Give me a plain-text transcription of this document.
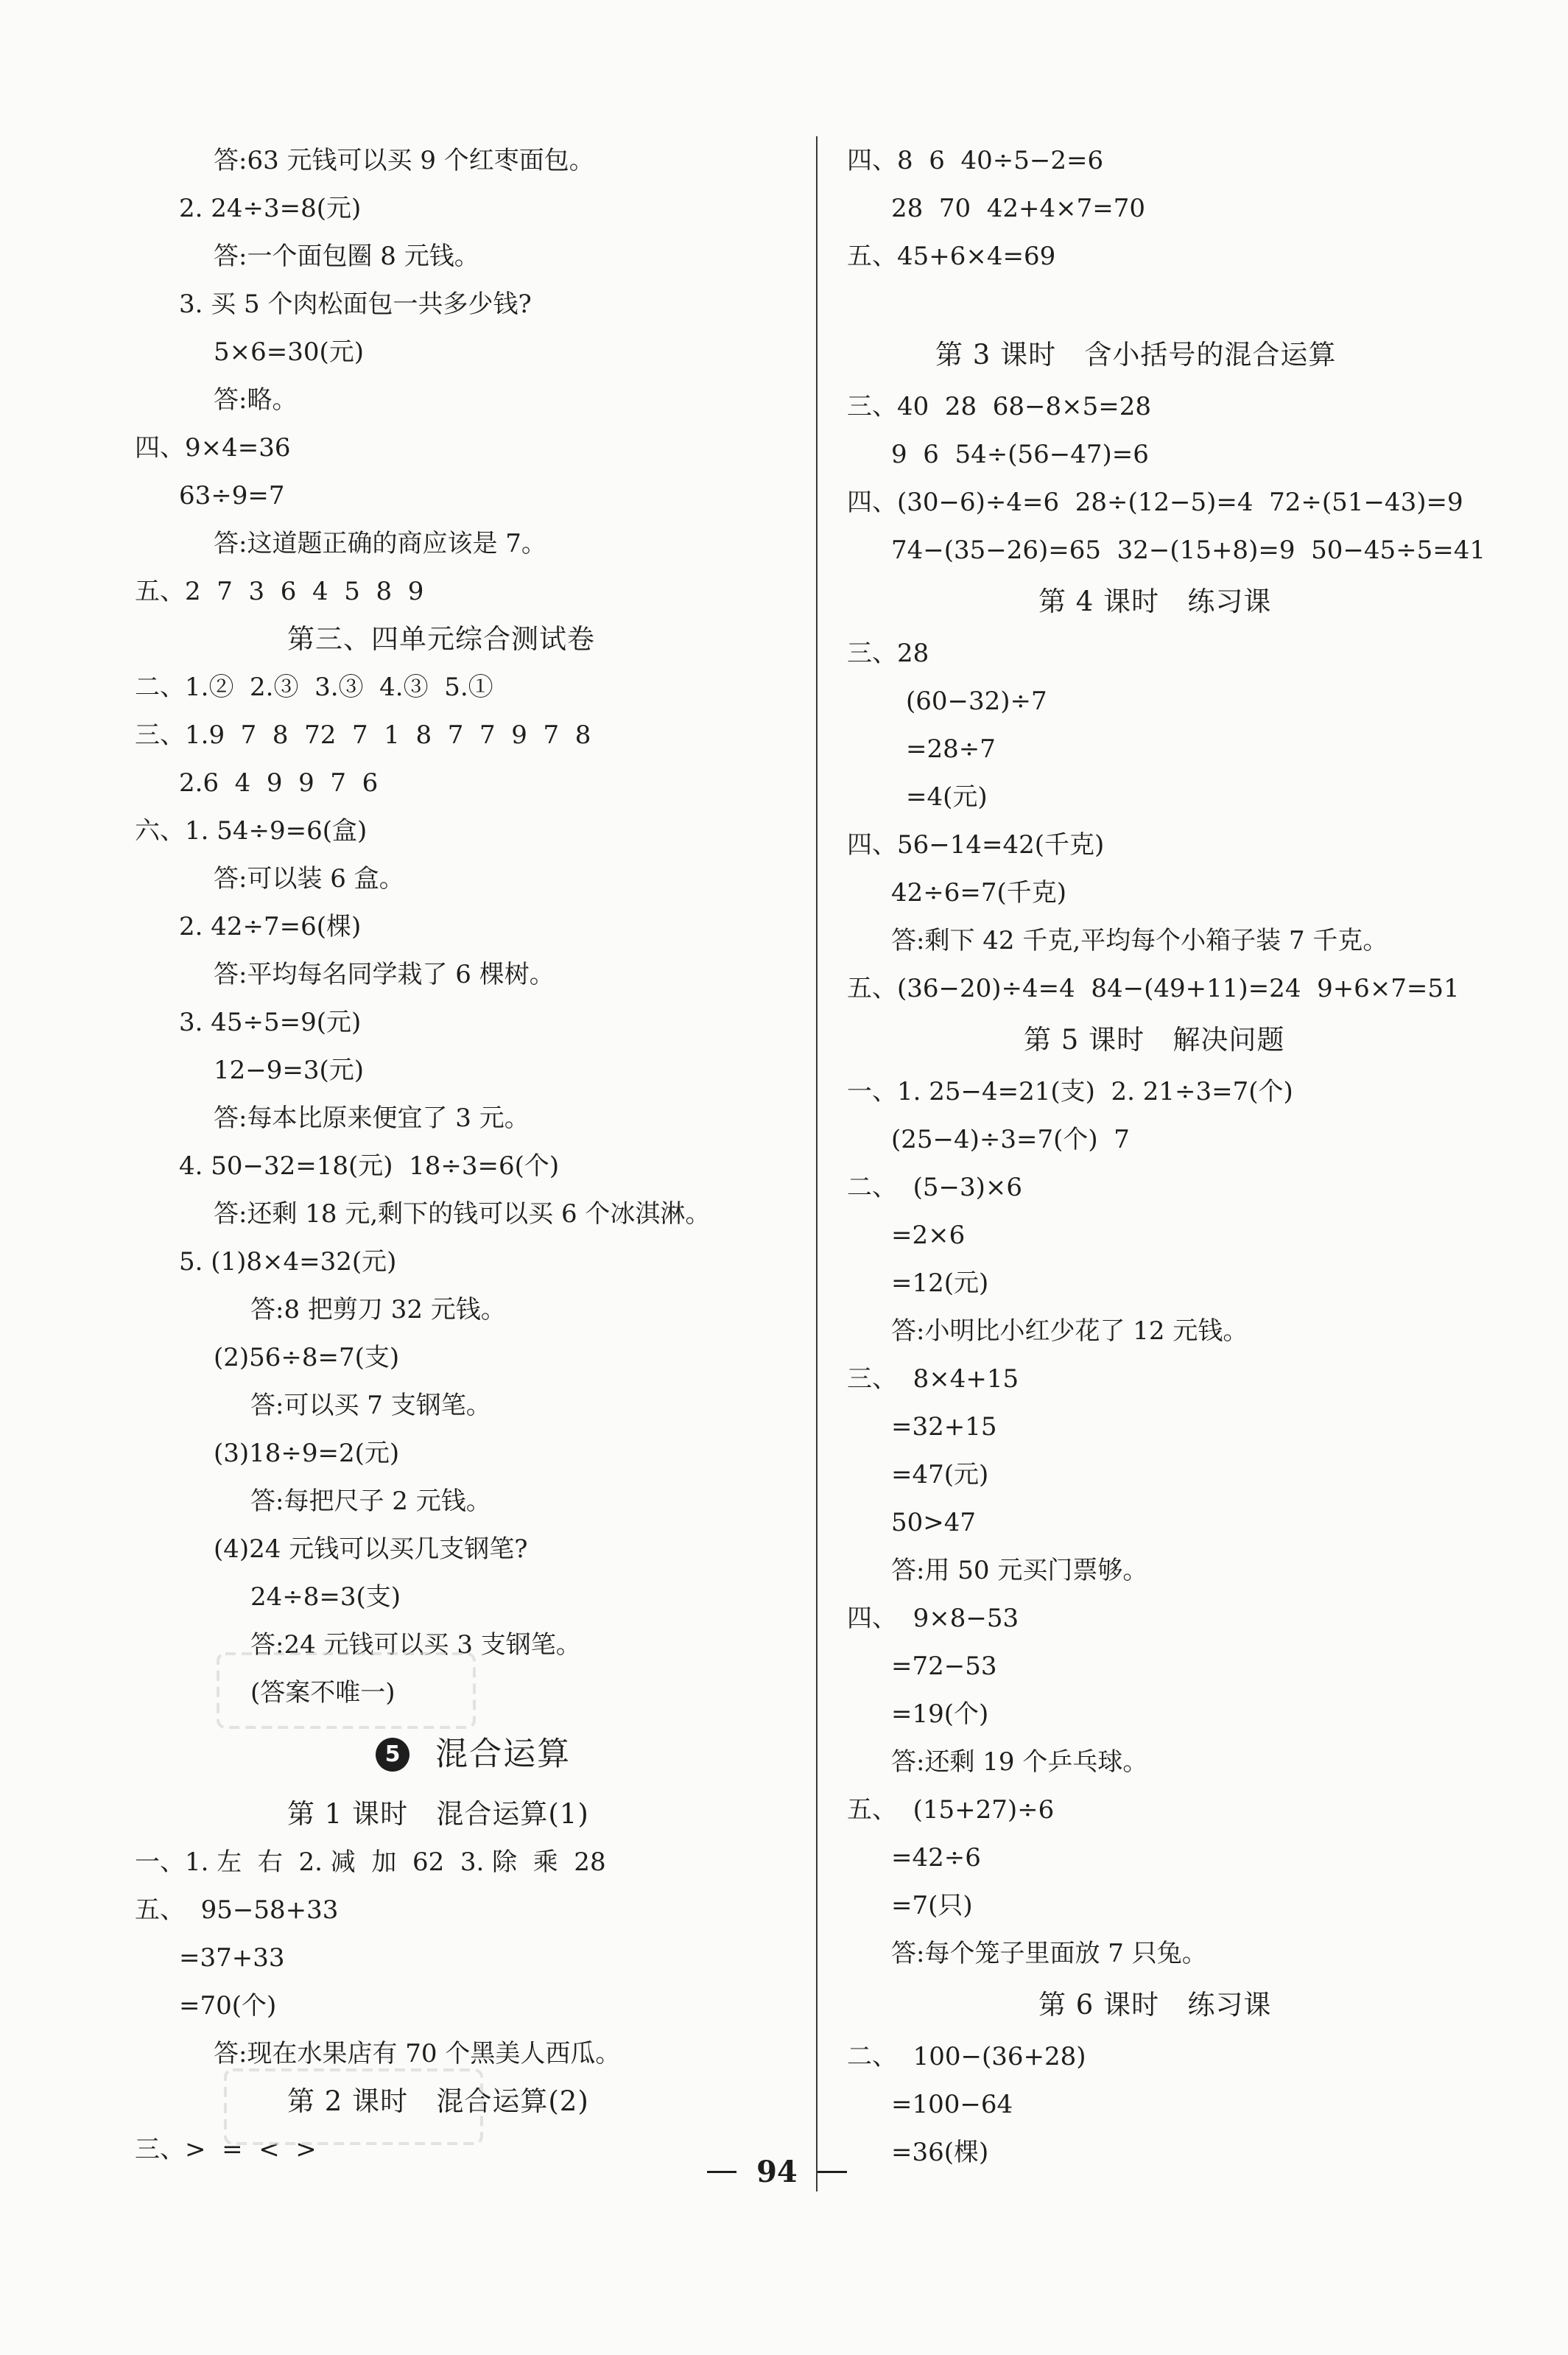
答:63 元钱可以买 9 个红枣面包。
2. 24÷3=8(元)
答:一个面包圈 8 元钱。
3. 买 5 个肉松面包一共多少钱?
5×6=30(元)
答:略。
四、9×4=36
63÷9=7
答:这道题正确的商应该是 7。
五、2  7  3  6  4  5  8  9
第三、四单元综合测试卷
二、1.②  2.③  3.③  4.③  5.①
三、1.9  7  8  72  7  1  8  7  7  9  7  8
2.6  4  9  9  7  6
六、1. 54÷9=6(盒)
答:可以装 6 盒。
2. 42÷7=6(棵)
答:平均每名同学栽了 6 棵树。
3. 45÷5=9(元)
12−9=3(元)
答:每本比原来便宜了 3 元。
4. 50−32=18(元)  18÷3=6(个)
答:还剩 18 元,剩下的钱可以买 6 个冰淇淋。
5. (1)8×4=32(元)
答:8 把剪刀 32 元钱。
(2)56÷8=7(支)
答:可以买 7 支钢笔。
(3)18÷9=2(元)
答:每把尺子 2 元钱。
(4)24 元钱可以买几支钢笔?
24÷8=3(支)
答:24 元钱可以买 3 支钢笔。
(答案不唯一)
5 混合运算
第 1 课时   混合运算(1)
一、1. 左  右  2. 减  加  62  3. 除  乘  28
五、  95−58+33
=37+33
=70(个)
答:现在水果店有 70 个黑美人西瓜。
第 2 课时   混合运算(2)
三、>  =  <  >
四、8  6  40÷5−2=6
28  70  42+4×7=70
五、45+6×4=69
第 3 课时   含小括号的混合运算
三、40  28  68−8×5=28
9  6  54÷(56−47)=6
四、(30−6)÷4=6  28÷(12−5)=4  72÷(51−43)=9
74−(35−26)=65  32−(15+8)=9  50−45÷5=41
第 4 课时   练习课
三、28
(60−32)÷7
=28÷7
=4(元)
四、56−14=42(千克)
42÷6=7(千克)
答:剩下 42 千克,平均每个小箱子装 7 千克。
五、(36−20)÷4=4  84−(49+11)=24  9+6×7=51
第 5 课时   解决问题
一、1. 25−4=21(支)  2. 21÷3=7(个)
(25−4)÷3=7(个)  7
二、  (5−3)×6
=2×6
=12(元)
答:小明比小红少花了 12 元钱。
三、  8×4+15
=32+15
=47(元)
50>47
答:用 50 元买门票够。
四、  9×8−53
=72−53
=19(个)
答:还剩 19 个乒乓球。
五、  (15+27)÷6
=42÷6
=7(只)
答:每个笼子里面放 7 只兔。
第 6 课时   练习课
二、  100−(36+28)
=100−64
=36(棵)
94
